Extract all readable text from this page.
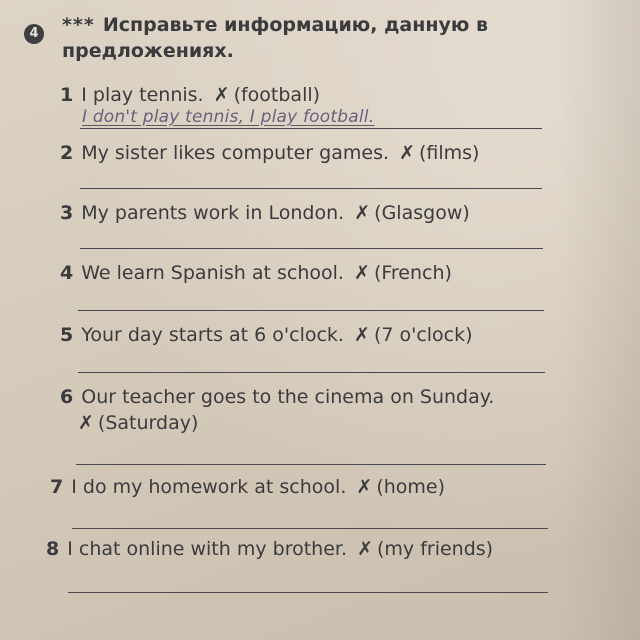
4 *** Исправьте информацию, данную в предложениях.

1 I play tennis. ✗ (football)
I don't play tennis, I play football.
2 My sister likes computer games. ✗ (films)
3 My parents work in London. ✗ (Glasgow)
4 We learn Spanish at school. ✗ (French)
5 Your day starts at 6 o'clock. ✗ (7 o'clock)
6 Our teacher goes to the cinema on Sunday. ✗ (Saturday)
7 I do my homework at school. ✗ (home)
8 I chat online with my brother. ✗ (my friends)
